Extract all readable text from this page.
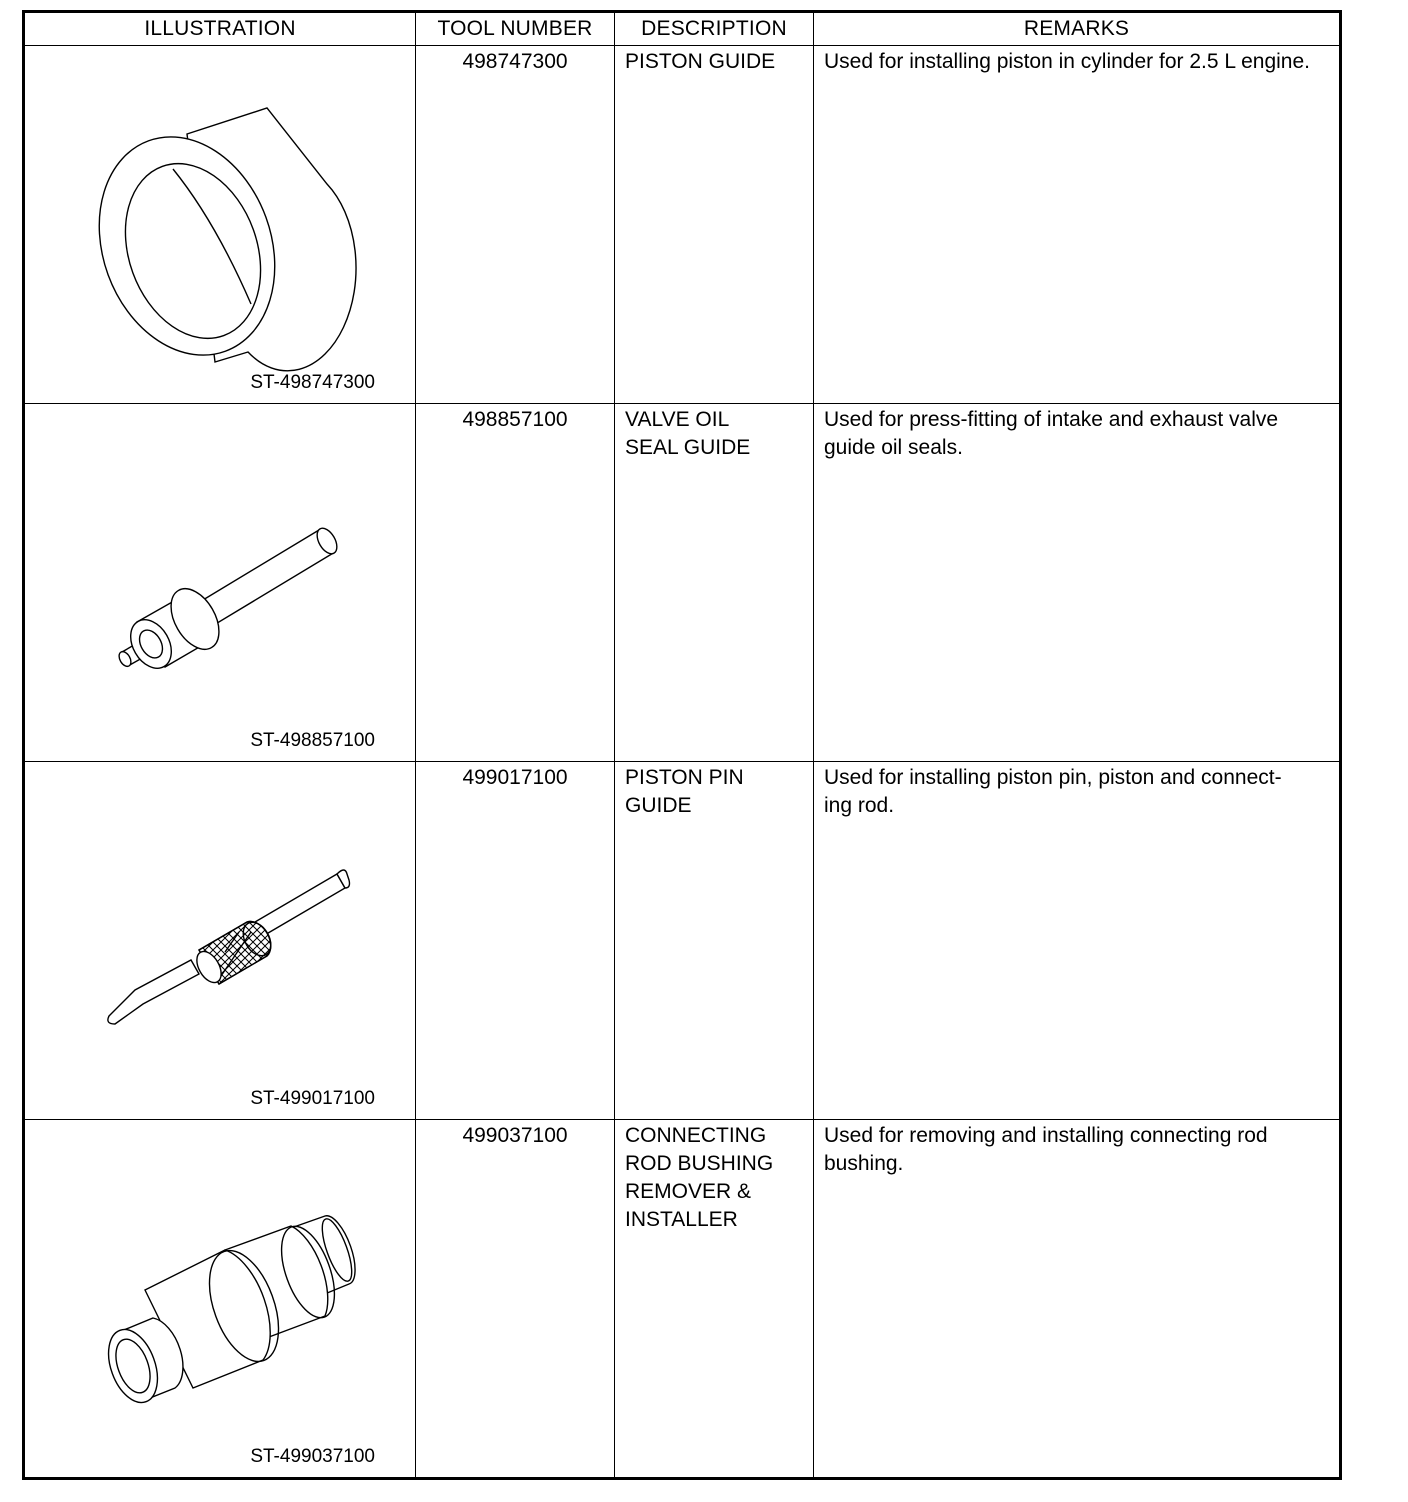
ILLUSTRATION	TOOL NUMBER	DESCRIPTION	REMARKS

ST-498747300	498747300	PISTON GUIDE	Used for installing piston in cylinder for 2.5 L engine.

ST-498857100	498857100	VALVE OIL
SEAL GUIDE	Used for press-fitting of intake and exhaust valve guide oil seals.

ST-499017100	499017100	PISTON PIN
GUIDE	Used for installing piston pin, piston and connect-
ing rod.

ST-499037100	499037100	CONNECTING
ROD BUSHING
REMOVER &
INSTALLER	Used for removing and installing connecting rod bushing.
